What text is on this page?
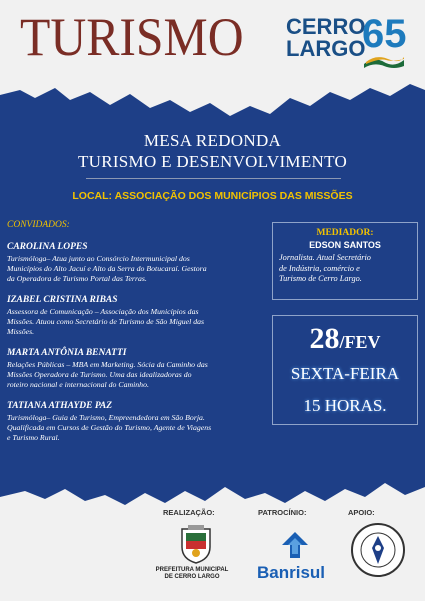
TURISMO CERRO
LARGO
65
MESA REDONDA
TURISMO E DESENVOLVIMENTO
LOCAL: ASSOCIAÇÃO DOS MUNICÍPIOS DAS MISSÕES
CONVIDADOS:
CAROLINA LOPES
Turismóloga– Atua junto ao Consórcio Intermunicipal dos
Municípios do Alto Jacuí e Alto da Serra do Botucaraí. Gestora
da Operadora de Turismo Portal das Terras.
IZABEL CRISTINA RIBAS
Assessora de Comunicação – Associação dos Municípios das
Missões. Atuou como Secretário de Turismo de São Miguel das
Missões.
MARTA ANTÔNIA BENATTI
Relações Públicas – MBA em Marketing. Sócia da Caminho das
Missões Operadora de Turismo. Uma das idealizadoras do
roteiro nacional e internacional do Caminho.
TATIANA ATHAYDE PAZ
Turismóloga– Guia de Turismo, Empreendedora em São Borja.
Qualificada em Cursos de Gestão do Turismo, Agente de Viagens
e Turismo Rural.
MEDIADOR:
EDSON SANTOS
Jornalista. Atual Secretário
de Indústria, comércio e
Turismo de Cerro Largo.
28/FEV
SEXTA-FEIRA
15 HORAS.
REALIZAÇÃO:	PATROCÍNIO:	APOIO:
PREFEITURA MUNICIPAL
DE CERRO LARGO	Banrisul
